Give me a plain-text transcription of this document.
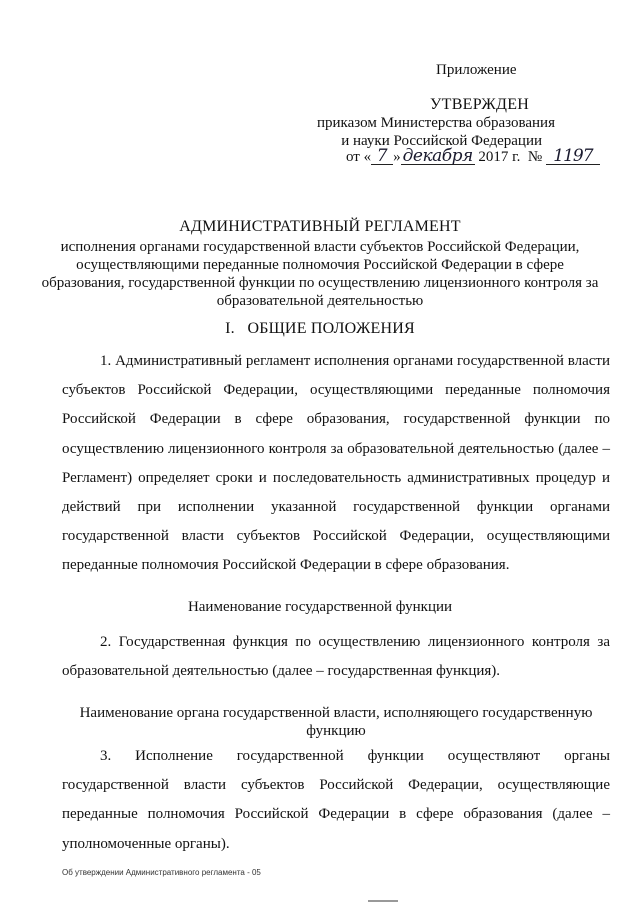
Приложение
УТВЕРЖДЕН
приказом Министерства образования
и науки Российской Федерации
от « 7 » декабря 2017 г. № 1197
АДМИНИСТРАТИВНЫЙ РЕГЛАМЕНТ
исполнения органами государственной власти субъектов Российской Федерации, осуществляющими переданные полномочия Российской Федерации в сфере образования, государственной функции по осуществлению лицензионного контроля за образовательной деятельностью
I.   ОБЩИЕ ПОЛОЖЕНИЯ
1. Административный регламент исполнения органами государственной власти субъектов Российской Федерации, осуществляющими переданные полномочия Российской Федерации в сфере образования, государственной функции по осуществлению лицензионного контроля за образовательной деятельностью (далее – Регламент) определяет сроки и последовательность административных процедур и действий при исполнении указанной государственной функции органами государственной власти субъектов Российской Федерации, осуществляющими переданные полномочия Российской Федерации в сфере образования.
Наименование государственной функции
2. Государственная функция по осуществлению лицензионного контроля за образовательной деятельностью (далее – государственная функция).
Наименование органа государственной власти, исполняющего государственную функцию
3. Исполнение государственной функции осуществляют органы государственной власти субъектов Российской Федерации, осуществляющие переданные полномочия Российской Федерации в сфере образования (далее – уполномоченные органы).
Об утверждении Административного регламента - 05
